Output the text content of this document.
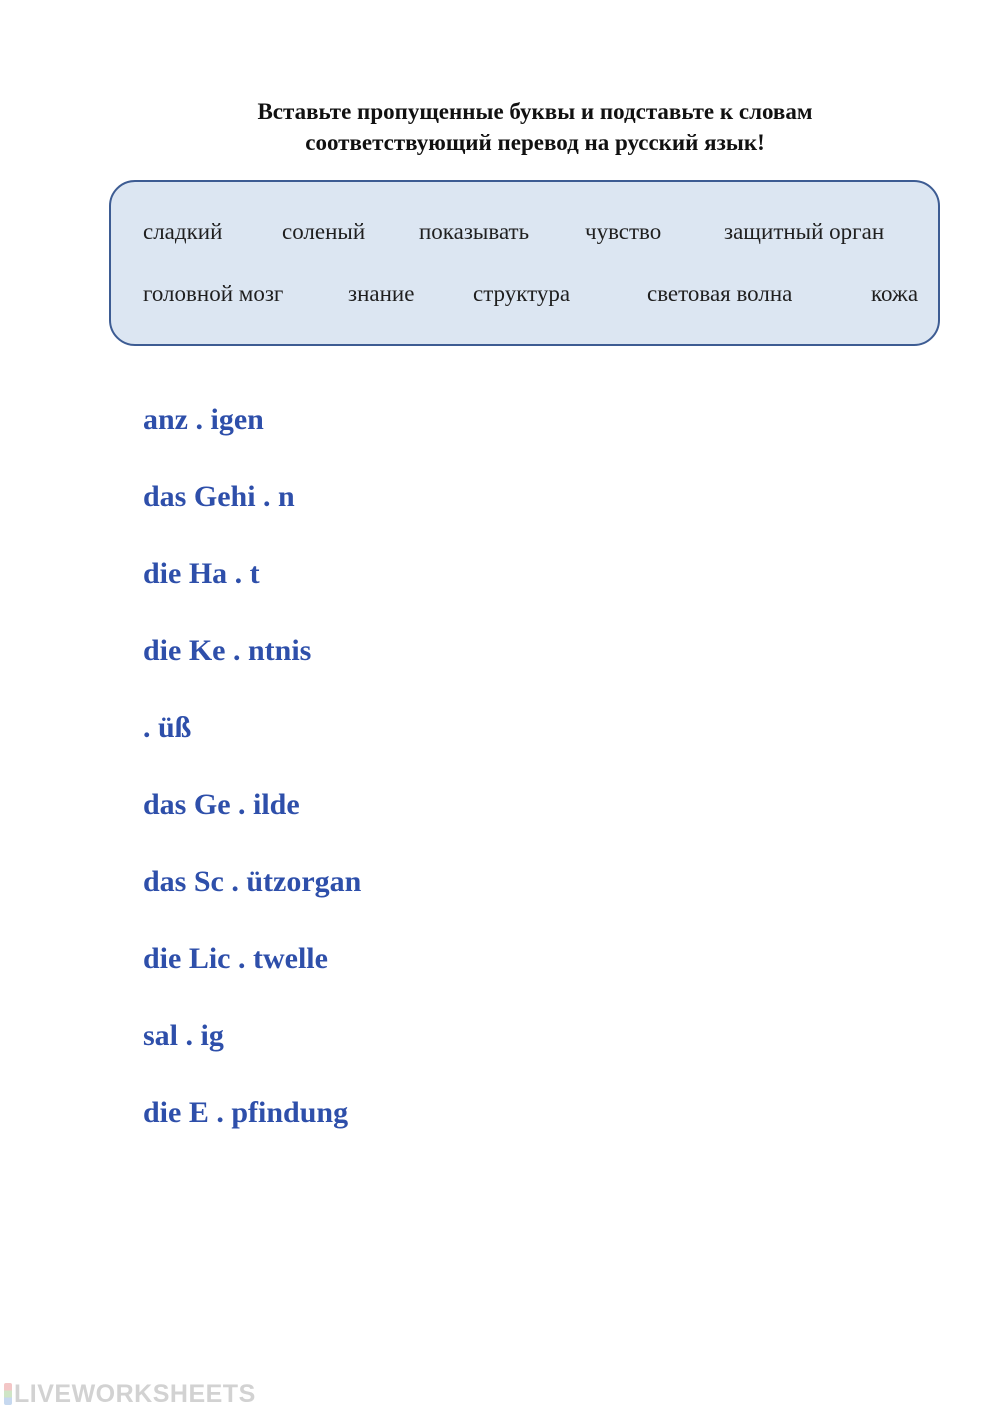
Вставьте пропущенные буквы и подставьте к словам
соответствующий перевод на русский язык!
сладкий	соленый показывать чувство	защитный орган
головной мозг	знание	структура	световая волна	кожа
anz . igen
das Gehi . n
die Ha . t
die Ke . ntnis
. üß
das Ge . ilde
das Sc . ützorgan
die Lic . twelle
sal . ig
die E . pfindung
LIVEWORKSHEETS
